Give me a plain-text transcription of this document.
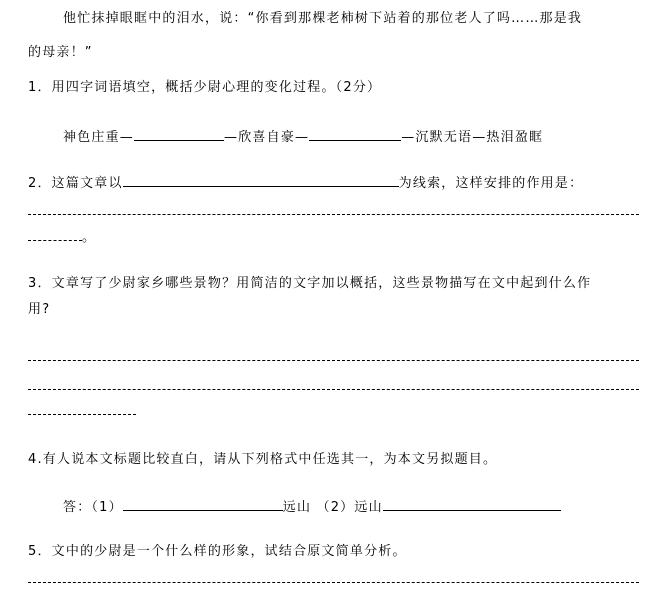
他忙抹掉眼眶中的泪水，说：“你看到那棵老柿树下站着的那位老人了吗……那是我
的母亲！”
1．用四字词语填空，概括少尉心理的变化过程。（2分）
神色庄重—	—欣喜自豪—	—沉默无语—热泪盈眶
2．这篇文章以	为线索，这样安排的作用是：
。
3．文章写了少尉家乡哪些景物？用简洁的文字加以概括，这些景物描写在文中起到什么作
用?
4.有人说本文标题比较直白，请从下列格式中任选其一，为本文另拟题目。
答：（1）	远山 （2）远山
5．文中的少尉是一个什么样的形象，试结合原文简单分析。
